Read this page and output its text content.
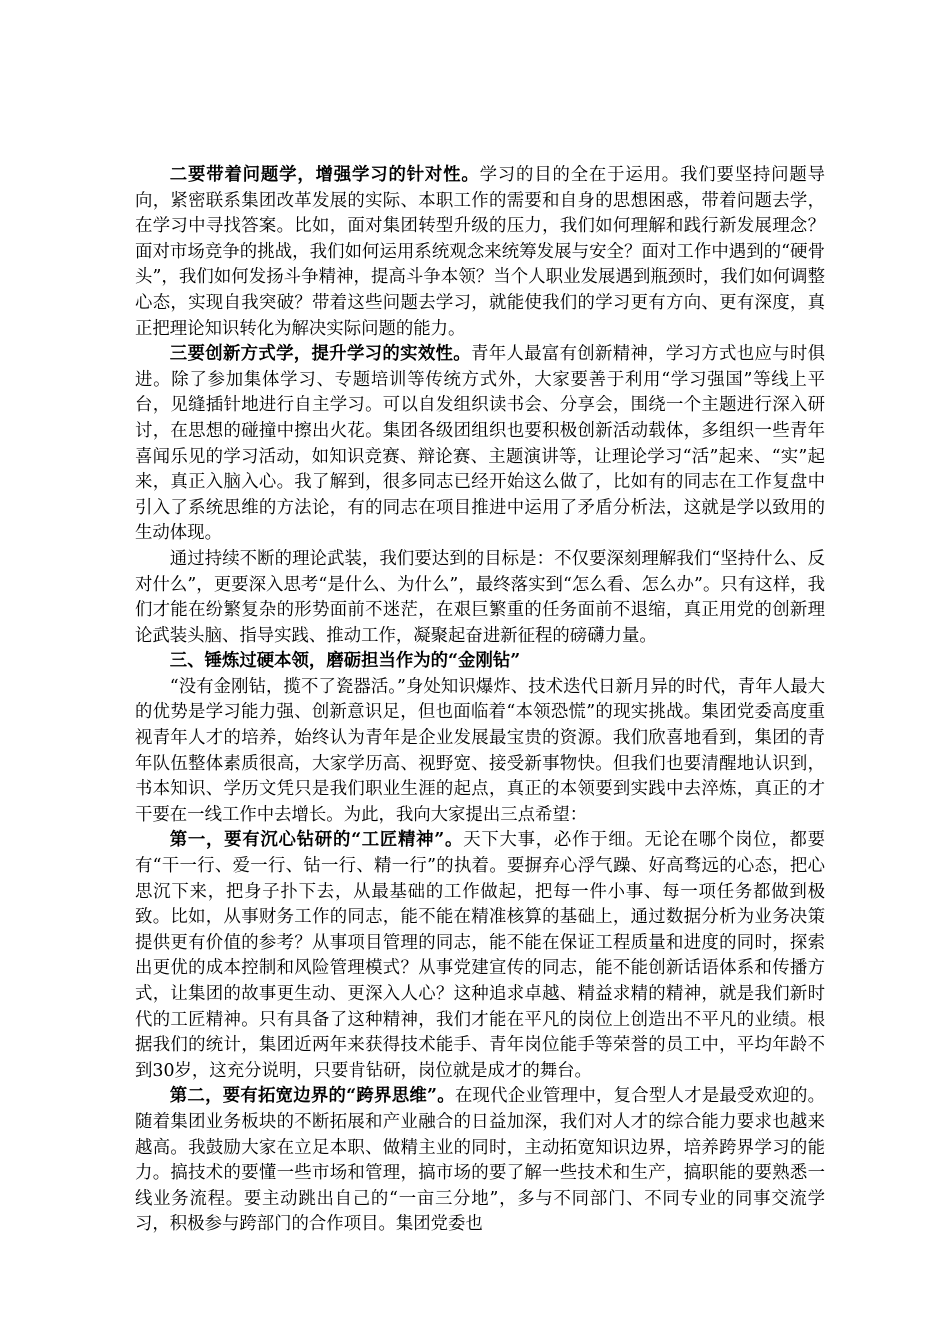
二要带着问题学，增强学习的针对性。学习的目的全在于运用。我们要坚持问题导向，紧密联系集团改革发展的实际、本职工作的需要和自身的思想困惑，带着问题去学，在学习中寻找答案。比如，面对集团转型升级的压力，我们如何理解和践行新发展理念？面对市场竞争的挑战，我们如何运用系统观念来统筹发展与安全？面对工作中遇到的“硬骨头”，我们如何发扬斗争精神，提高斗争本领？当个人职业发展遇到瓶颈时，我们如何调整心态，实现自我突破？带着这些问题去学习，就能使我们的学习更有方向、更有深度，真正把理论知识转化为解决实际问题的能力。

三要创新方式学，提升学习的实效性。青年人最富有创新精神，学习方式也应与时俱进。除了参加集体学习、专题培训等传统方式外，大家要善于利用“学习强国”等线上平台，见缝插针地进行自主学习。可以自发组织读书会、分享会，围绕一个主题进行深入研讨，在思想的碰撞中擦出火花。集团各级团组织也要积极创新活动载体，多组织一些青年喜闻乐见的学习活动，如知识竞赛、辩论赛、主题演讲等，让理论学习“活”起来、“实”起来，真正入脑入心。我了解到，很多同志已经开始这么做了，比如有的同志在工作复盘中引入了系统思维的方法论，有的同志在项目推进中运用了矛盾分析法，这就是学以致用的生动体现。

通过持续不断的理论武装，我们要达到的目标是：不仅要深刻理解我们“坚持什么、反对什么”，更要深入思考“是什么、为什么”，最终落实到“怎么看、怎么办”。只有这样，我们才能在纷繁复杂的形势面前不迷茫，在艰巨繁重的任务面前不退缩，真正用党的创新理论武装头脑、指导实践、推动工作，凝聚起奋进新征程的磅礴力量。

三、锤炼过硬本领，磨砺担当作为的“金刚钻”

“没有金刚钻，揽不了瓷器活。”身处知识爆炸、技术迭代日新月异的时代，青年人最大的优势是学习能力强、创新意识足，但也面临着“本领恐慌”的现实挑战。集团党委高度重视青年人才的培养，始终认为青年是企业发展最宝贵的资源。我们欣喜地看到，集团的青年队伍整体素质很高，大家学历高、视野宽、接受新事物快。但我们也要清醒地认识到，书本知识、学历文凭只是我们职业生涯的起点，真正的本领要到实践中去淬炼，真正的才干要在一线工作中去增长。为此，我向大家提出三点希望：

第一，要有沉心钻研的“工匠精神”。天下大事，必作于细。无论在哪个岗位，都要有“干一行、爱一行、钻一行、精一行”的执着。要摒弃心浮气躁、好高骛远的心态，把心思沉下来，把身子扑下去，从最基础的工作做起，把每一件小事、每一项任务都做到极致。比如，从事财务工作的同志，能不能在精准核算的基础上，通过数据分析为业务决策提供更有价值的参考？从事项目管理的同志，能不能在保证工程质量和进度的同时，探索出更优的成本控制和风险管理模式？从事党建宣传的同志，能不能创新话语体系和传播方式，让集团的故事更生动、更深入人心？这种追求卓越、精益求精的精神，就是我们新时代的工匠精神。只有具备了这种精神，我们才能在平凡的岗位上创造出不平凡的业绩。根据我们的统计，集团近两年来获得技术能手、青年岗位能手等荣誉的员工中，平均年龄不到30岁，这充分说明，只要肯钻研，岗位就是成才的舞台。

第二，要有拓宽边界的“跨界思维”。在现代企业管理中，复合型人才是最受欢迎的。随着集团业务板块的不断拓展和产业融合的日益加深，我们对人才的综合能力要求也越来越高。我鼓励大家在立足本职、做精主业的同时，主动拓宽知识边界，培养跨界学习的能力。搞技术的要懂一些市场和管理，搞市场的要了解一些技术和生产，搞职能的要熟悉一线业务流程。要主动跳出自己的“一亩三分地”，多与不同部门、不同专业的同事交流学习，积极参与跨部门的合作项目。集团党委也
